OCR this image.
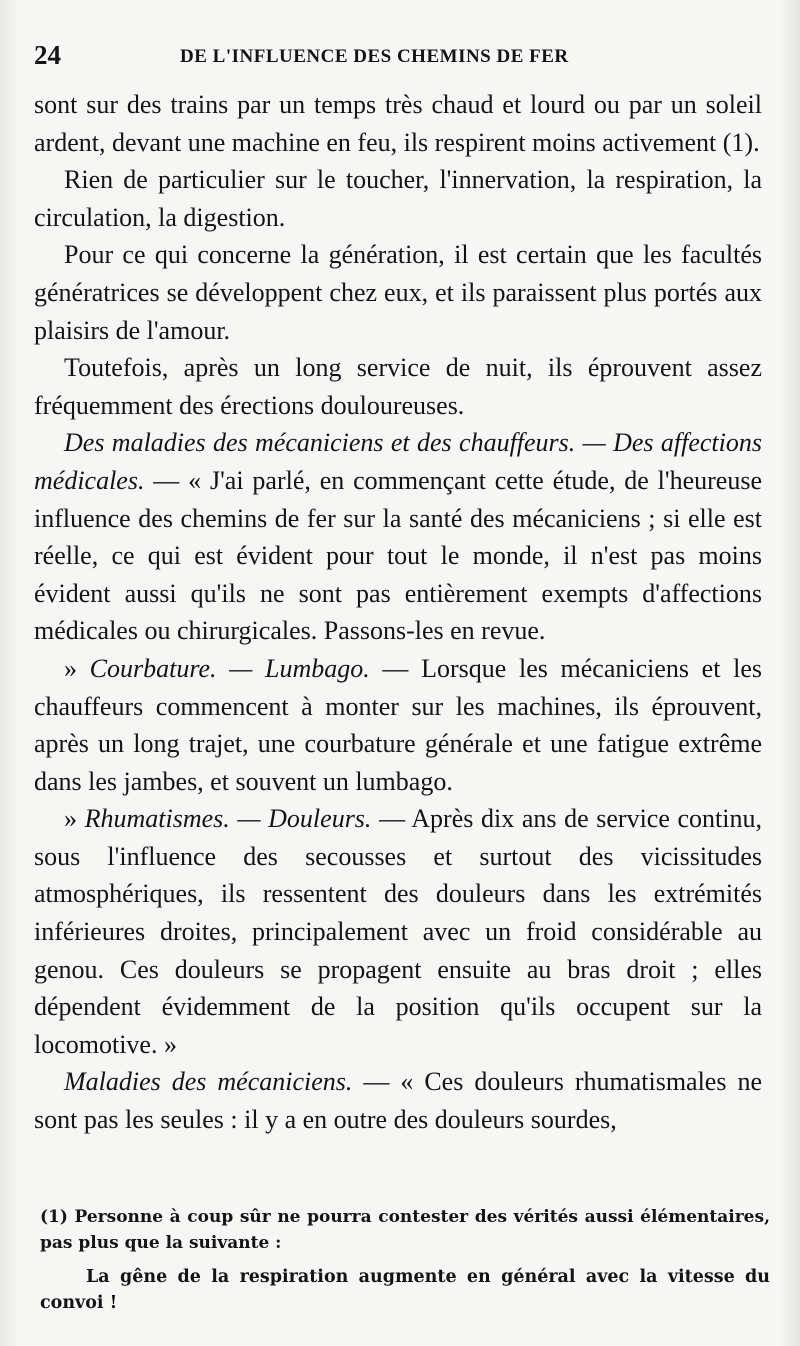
24	DE L'INFLUENCE DES CHEMINS DE FER

sont sur des trains par un temps très chaud et lourd ou par un soleil ardent, devant une machine en feu, ils respirent moins activement (1).

Rien de particulier sur le toucher, l'innervation, la respiration, la circulation, la digestion.

Pour ce qui concerne la génération, il est certain que les facultés génératrices se développent chez eux, et ils paraissent plus portés aux plaisirs de l'amour.

Toutefois, après un long service de nuit, ils éprouvent assez fréquemment des érections douloureuses.

Des maladies des mécaniciens et des chauffeurs. — Des affections médicales. — « J'ai parlé, en commençant cette étude, de l'heureuse influence des chemins de fer sur la santé des mécaniciens ; si elle est réelle, ce qui est évident pour tout le monde, il n'est pas moins évident aussi qu'ils ne sont pas entièrement exempts d'affections médicales ou chirurgicales. Passons-les en revue.

» Courbature. — Lumbago. — Lorsque les mécaniciens et les chauffeurs commencent à monter sur les machines, ils éprouvent, après un long trajet, une courbature générale et une fatigue extrême dans les jambes, et souvent un lumbago.

» Rhumatismes. — Douleurs. — Après dix ans de service continu, sous l'influence des secousses et surtout des vicissitudes atmosphériques, ils ressentent des douleurs dans les extrémités inférieures droites, principalement avec un froid considérable au genou. Ces douleurs se propagent ensuite au bras droit ; elles dépendent évidemment de la position qu'ils occupent sur la locomotive. »

Maladies des mécaniciens. — « Ces douleurs rhumatismales ne sont pas les seules : il y a en outre des douleurs sourdes,

(1) Personne à coup sûr ne pourra contester des vérités aussi élémentaires, pas plus que la suivante :

La gêne de la respiration augmente en général avec la vitesse du convoi !
